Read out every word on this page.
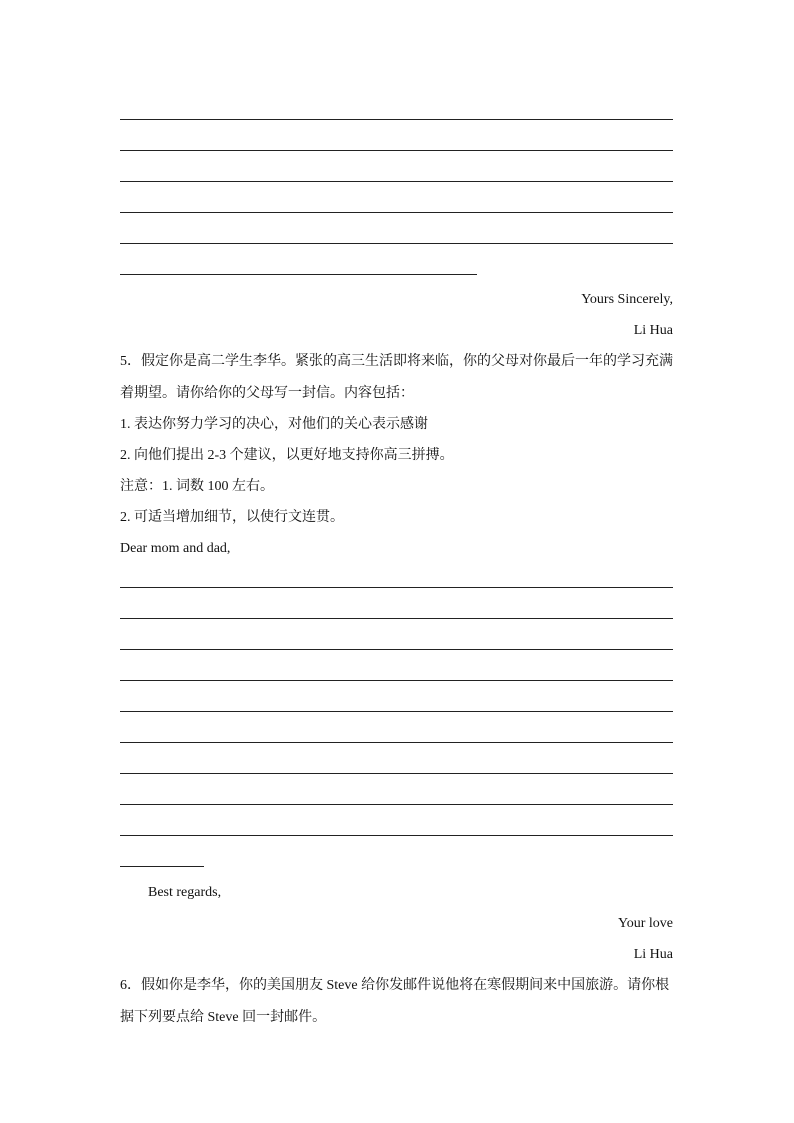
Yours Sincerely,
Li Hua
5．假定你是高二学生李华。紧张的高三生活即将来临，你的父母对你最后一年的学习充满
着期望。请你给你的父母写一封信。内容包括：
1. 表达你努力学习的决心，对他们的关心表示感谢
2. 向他们提出 2-3 个建议，以更好地支持你高三拼搏。
注意：1. 词数 100 左右。
2. 可适当增加细节，以使行文连贯。
Dear mom and dad,
Best regards,
Your love
Li Hua
6．假如你是李华，你的美国朋友 Steve 给你发邮件说他将在寒假期间来中国旅游。请你根
据下列要点给 Steve 回一封邮件。
